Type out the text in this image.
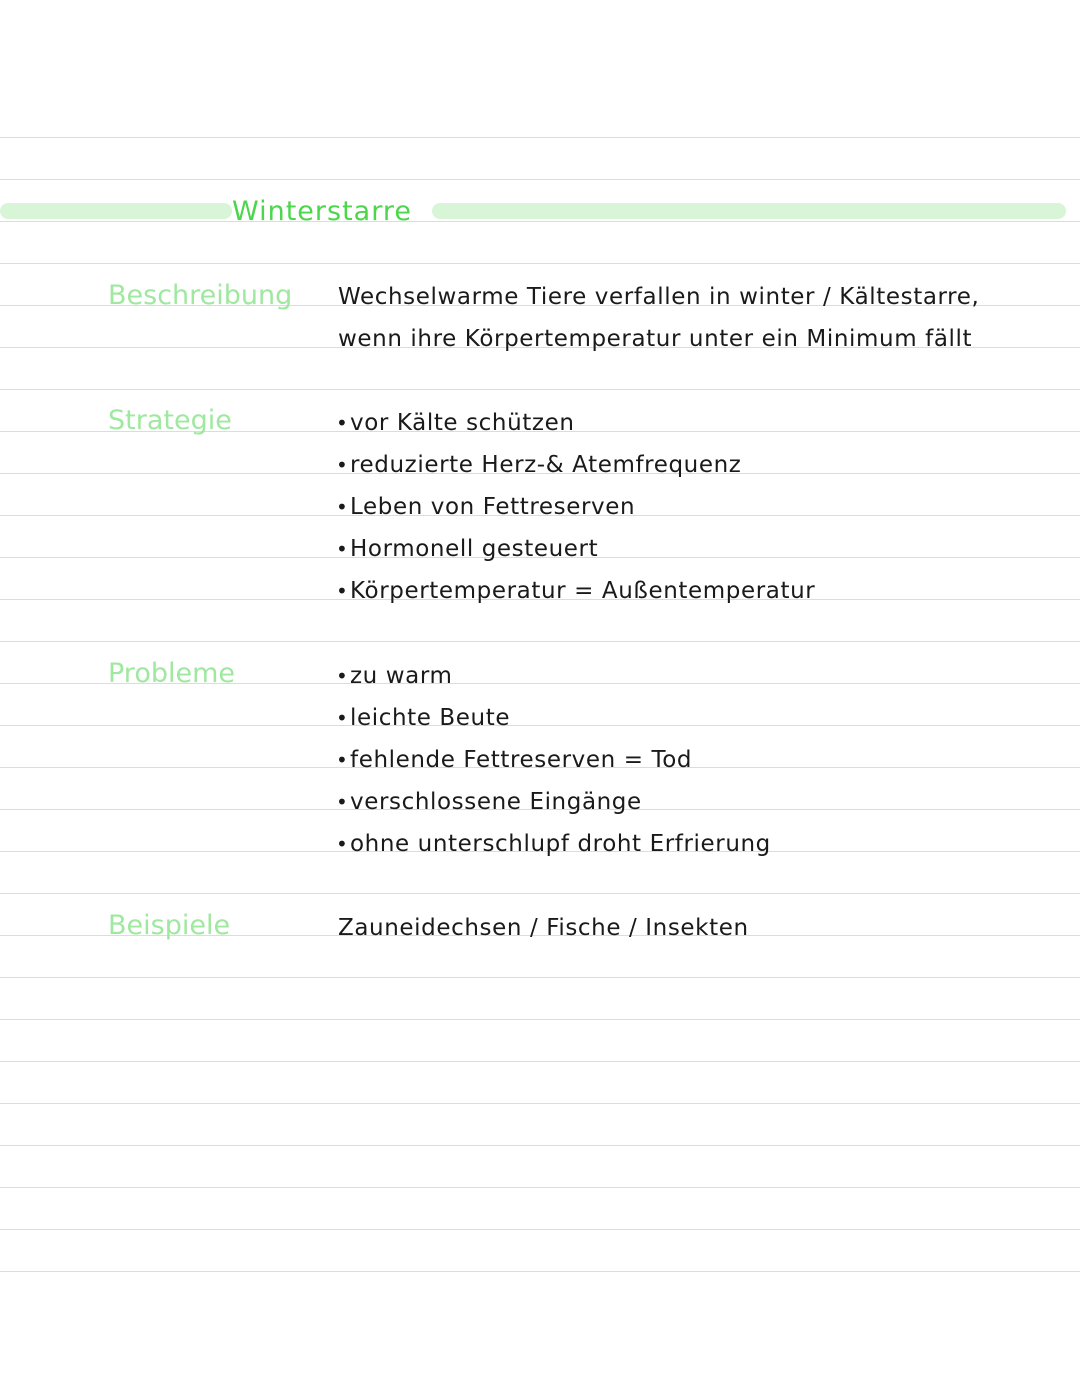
Winterstarre
Beschreibung Wechselwarme Tiere verfallen in winter / Kältestarre,
wenn ihre Körpertemperatur unter ein Minimum fällt
Strategie	•vor Kälte schützen
•reduzierte Herz-& Atemfrequenz
•Leben von Fettreserven
•Hormonell gesteuert
•Körpertemperatur = Außentemperatur
Probleme	•zu warm
•leichte Beute
•fehlende Fettreserven = Tod
•verschlossene Eingänge
•ohne unterschlupf droht Erfrierung
Beispiele	Zauneidechsen / Fische / Insekten
